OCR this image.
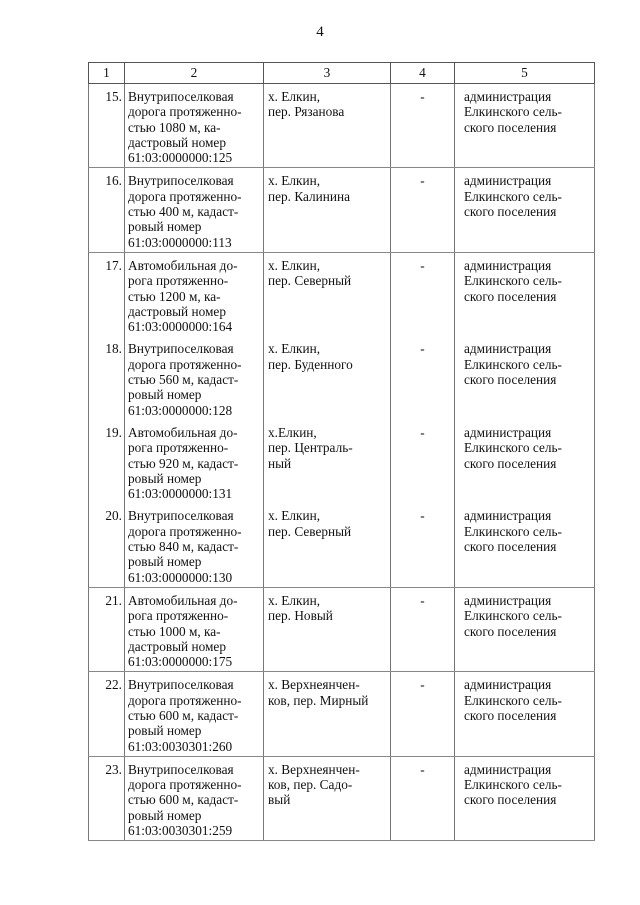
4
1	2	3	4	5
15.	Внутрипоселковая
дорога протяженно-
стью 1080 м, ка-
дастровый номер
61:03:0000000:125	х. Елкин,
пер. Рязанова	-	администрация
Елкинского сель-
ского поселения
16.	Внутрипоселковая
дорога протяженно-
стью 400 м, кадаст-
ровый номер
61:03:0000000:113	х. Елкин,
пер. Калинина	-	администрация
Елкинского сель-
ского поселения
17.	Автомобильная до-
рога протяженно-
стью 1200 м, ка-
дастровый номер
61:03:0000000:164	х. Елкин,
пер. Северный	-	администрация
Елкинского сель-
ского поселения
18.	Внутрипоселковая
дорога протяженно-
стью 560 м, кадаст-
ровый номер
61:03:0000000:128	х. Елкин,
пер. Буденного	-	администрация
Елкинского сель-
ского поселения
19.	Автомобильная до-
рога протяженно-
стью 920 м, кадаст-
ровый номер
61:03:0000000:131	х.Елкин,
пер. Централь-
ный	-	администрация
Елкинского сель-
ского поселения
20.	Внутрипоселковая
дорога протяженно-
стью 840 м, кадаст-
ровый номер
61:03:0000000:130	х. Елкин,
пер. Северный	-	администрация
Елкинского сель-
ского поселения
21.	Автомобильная до-
рога протяженно-
стью 1000 м, ка-
дастровый номер
61:03:0000000:175	х. Елкин,
пер. Новый	-	администрация
Елкинского сель-
ского поселения
22.	Внутрипоселковая
дорога протяженно-
стью 600 м, кадаст-
ровый номер
61:03:0030301:260	х. Верхнеянчен-
ков, пер. Мирный	-	администрация
Елкинского сель-
ского поселения
23.	Внутрипоселковая
дорога протяженно-
стью 600 м, кадаст-
ровый номер
61:03:0030301:259	х. Верхнеянчен-
ков, пер. Садо-
вый	-	администрация
Елкинского сель-
ского поселения
